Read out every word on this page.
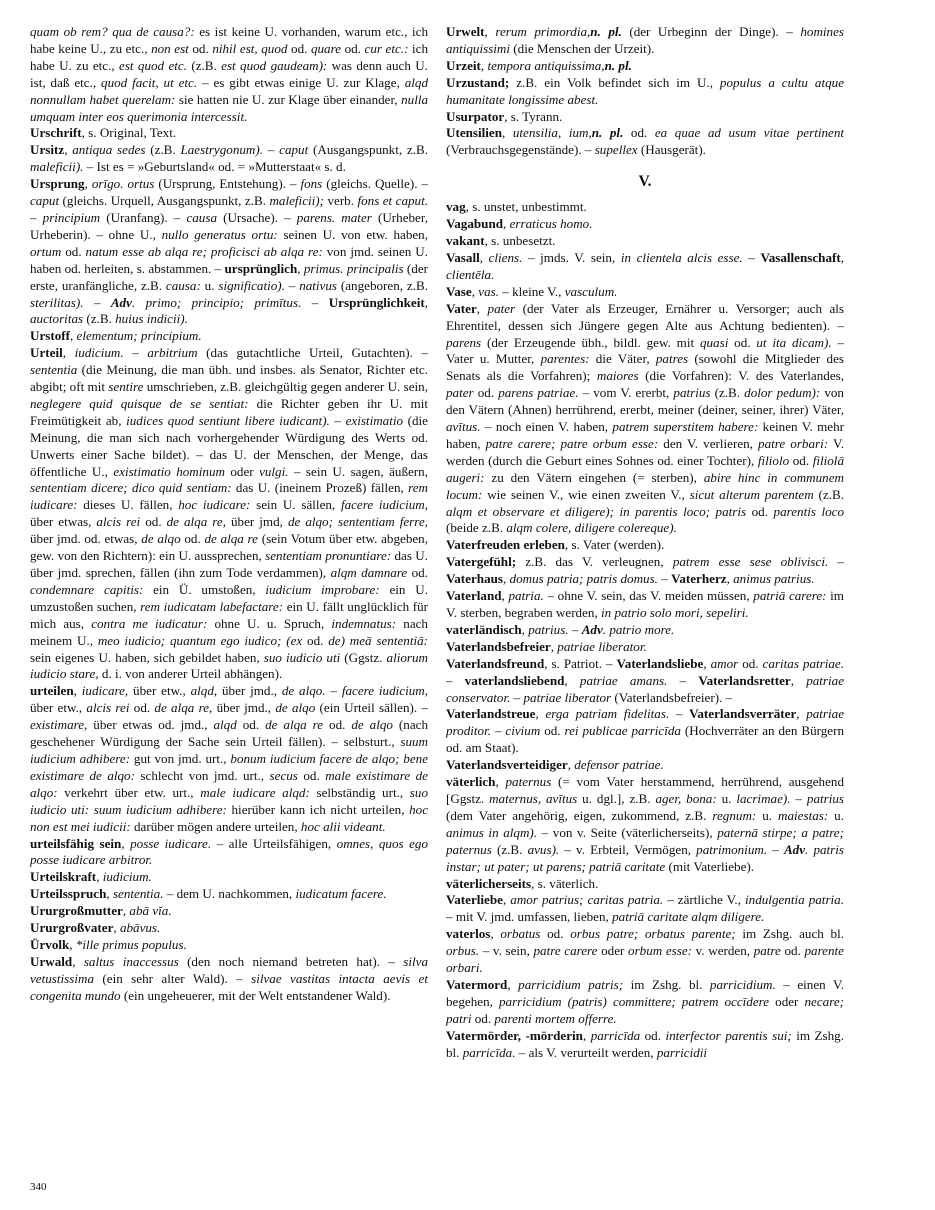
quam ob rem? qua de causa?: es ist keine U. vorhanden, warum etc., ich habe keine U., zu etc., non est od. nihil est, quod od. quare od. cur etc.: ich habe U. zu etc., est quod etc. (z.B. est quod gaudeam): was denn auch U. ist, daß etc., quod facit, ut etc. – es gibt etwas einige U. zur Klage, alqd nonnullam habet querelam: sie hatten nie U. zur Klage über einander, nulla umquam inter eos querimonia intercessit.

Urschrift, s. Original, Text.

Ursitz, antiqua sedes (z.B. Laestrygonum). – caput (Ausgangspunkt, z.B. maleficii). – Ist es = »Geburtsland« od. = »Mutterstaat« s. d.

Ursprung, orīgo. ortus (Ursprung, Entstehung). – fons (gleichs. Quelle). – caput (gleichs. Urquell, Ausgangspunkt, z.B. maleficii); verb. fons et caput. – principium (Uranfang). – causa (Ursache). – parens. mater (Urheber, Urheberin). – ohne U., nullo generatus ortu: seinen U. von etw. haben, ortum od. natum esse ab alqa re; proficisci ab alqa re: von jmd. seinen U. haben od. herleiten, s. abstammen. – ursprünglich, primus. principalis (der erste, uranfängliche, z.B. causa: u. significatio). – nativus (angeboren, z.B. sterilitas). – Adv. primo; principio; primītus. – Ursprünglichkeit, auctoritas (z.B. huius indicii).

Urstoff, elementum; principium.

Urteil, iudicium. – arbitrium (das gutachtliche Urteil, Gutachten). – sententia (die Meinung, die man übh. und insbes. als Senator, Richter etc. abgibt; oft mit sentire umschrieben, z.B. gleichgültig gegen anderer U. sein, neglegere quid quisque de se sentiat: die Richter geben ihr U. mit Freimütigkeit ab, iudices quod sentiunt libere iudicant). – existimatio (die Meinung, die man sich nach vorhergehender Würdigung des Werts od. Unwerts einer Sache bildet). – das U. der Menschen, der Menge, das öffentliche U., existimatio hominum oder vulgi. – sein U. sagen, äußern, sententiam dicere; dico quid sentiam: das U. (ineinem Prozeß) fällen, rem iudicare: dieses U. fällen, hoc iudicare: sein U. sällen, facere iudicium, über etwas, alcis rei od. de alqa re, über jmd, de alqo; sententiam ferre, über jmd. od. etwas, de alqo od. de alqa re (sein Votum über etw. abgeben, gew. von den Richtern): ein U. aussprechen, sententiam pronuntiare: das U. über jmd. sprechen, fällen (ihn zum Tode verdammen), alqm damnare od. condemnare capitis: ein Ü. umstoßen, iudicium improbare: ein U. umzustoßen suchen, rem iudicatam labefactare: ein U. fällt unglücklich für mich aus, contra me iudicatur: ohne U. u. Spruch, indemnatus: nach meinem U., meo iudicio; quantum ego iudico; (ex od. de) meā sententiā: sein eigenes U. haben, sich gebildet haben, suo iudicio uti (Ggstz. aliorum iudicio stare, d. i. von anderer Urteil abhängen).

urteilen, iudicare, über etw., alqd, über jmd., de alqo. – facere iudicium, über etw., alcis rei od. de alqa re, über jmd., de alqo (ein Urteil sällen). – existimare, über etwas od. jmd., alqd od. de alqa re od. de alqo (nach geschehener Würdigung der Sache sein Urteil fällen). – selbsturt., suum iudicium adhibere: gut von jmd. urt., bonum iudicium facere de alqo; bene existimare de alqo: schlecht von jmd. urt., secus od. male existimare de alqo: verkehrt über etw. urt., male iudicare alqd: selbständig urt., suo iudicio uti: suum iudicium adhibere: hierüber kann ich nicht urteilen, hoc non est mei iudicii: darüber mögen andere urteilen, hoc alii videant.

urteilsfähig sein, posse iudicare. – alle Urteilsfähigen, omnes, quos ego posse iudicare arbitror.

Urteilskraft, iudicium.

Urteilsspruch, sententia. – dem U. nachkommen, iudicatum facere.

Ururgroßmutter, abā vĭa.

Ururgroßvater, abāvus.

Ürvolk, *ille primus populus.

Urwald, saltus inaccessus (den noch niemand betreten hat). – silva vetustissima (ein sehr alter Wald). – silvae vastitas intacta aevis et congenita mundo (ein ungeheuerer, mit der Welt entstandener Wald).

Urwelt, rerum primordia,n. pl. (der Urbeginn der Dinge). – homines antiquissimi (die Menschen der Urzeit).

Urzeit, tempora antiquissima,n. pl.

Urzustand; z.B. ein Volk befindet sich im U., populus a cultu atque humanitate longissime abest.

Usurpator, s. Tyrann.

Utensilien, utensilia, ium,n. pl. od. ea quae ad usum vitae pertinent (Verbrauchsgegenstände). – supellex (Hausgerät).

V.

vag, s. unstet, unbestimmt.

Vagabund, erraticus homo.

vakant, s. unbesetzt.

Vasall, cliens. – jmds. V. sein, in clientela alcis esse. – Vasallenschaft, clientēla.

Vase, vas. – kleine V., vasculum.

Vater, pater (der Vater als Erzeuger, Ernährer u. Versorger; auch als Ehrentitel, dessen sich Jüngere gegen Alte aus Achtung bedienten). – parens (der Erzeugende übh., bildl. gew. mit quasi od. ut ita dicam). – Vater u. Mutter, parentes: die Väter, patres (sowohl die Mitglieder des Senats als die Vorfahren); maiores (die Vorfahren): V. des Vaterlandes, pater od. parens patriae. – vom V. ererbt, patrius (z.B. dolor pedum): von den Vätern (Ahnen) herrührend, ererbt, meiner (deiner, seiner, ihrer) Väter, avītus. – noch einen V. haben, patrem superstitem habere: keinen V. mehr haben, patre carere; patre orbum esse: den V. verlieren, patre orbari: V. werden (durch die Geburt eines Sohnes od. einer Tochter), filiolo od. filiolā augeri: zu den Vätern eingehen (= sterben), abire hinc in communem locum: wie seinen V., wie einen zweiten V., sicut alterum parentem (z.B. alqm et observare et diligere); in parentis loco; patris od. parentis loco (beide z.B. alqm colere, diligere colereque).

Vaterfreuden erleben, s. Vater (werden).

Vatergefühl; z.B. das V. verleugnen, patrem esse sese oblivisci. – Vaterhaus, domus patria; patris domus. – Vaterherz, animus patrius.

Vaterland, patria. – ohne V. sein, das V. meiden müssen, patriā carere: im V. sterben, begraben werden, in patrio solo mori, sepeliri.

vaterländisch, patrius. – Adv. patrio more.

Vaterlandsbefreier, patriae liberator.

Vaterlandsfreund, s. Patriot. – Vaterlandsliebe, amor od. caritas patriae. – vaterlandsliebend, patriae amans. – Vaterlandsretter, patriae conservator. – patriae liberator (Vaterlandsbefreier). –

Vaterlandstreue, erga patriam fidelitas. – Vaterlandsverräter, patriae proditor. – civium od. rei publicae parricīda (Hochverräter an den Bürgern od. am Staat).

Vaterlandsverteidiger, defensor patriae.

väterlich, paternus (= vom Vater herstammend, herrührend, ausgehend [Ggstz. maternus, avītus u. dgl.], z.B. ager, bona: u. lacrimae). – patrius (dem Vater angehörig, eigen, zukommend, z.B. regnum: u. maiestas: u. animus in alqm). – von v. Seite (väterlicherseits), paternā stirpe; a patre; paternus (z.B. avus). – v. Erbteil, Vermögen, patrimonium. – Adv. patris instar; ut pater; ut parens; patriā caritate (mit Vaterliebe).

väterlicherseits, s. väterlich.

Vaterliebe, amor patrius; caritas patria. – zärtliche V., indulgentia patria. – mit V. jmd. umfassen, lieben, patriā caritate alqm diligere.

vaterlos, orbatus od. orbus patre; orbatus parente; im Zshg. auch bl. orbus. – v. sein, patre carere oder orbum esse: v. werden, patre od. parente orbari.

Vatermord, parricidium patris; im Zshg. bl. parricidium. – einen V. begehen, parricidium (patris) committere; patrem occīdere oder necare; patri od. parenti mortem offerre.

Vatermörder, -mörderin, parricīda od. interfector parentis sui; im Zshg. bl. parricīda. – als V. verurteilt werden, parricidii

340
